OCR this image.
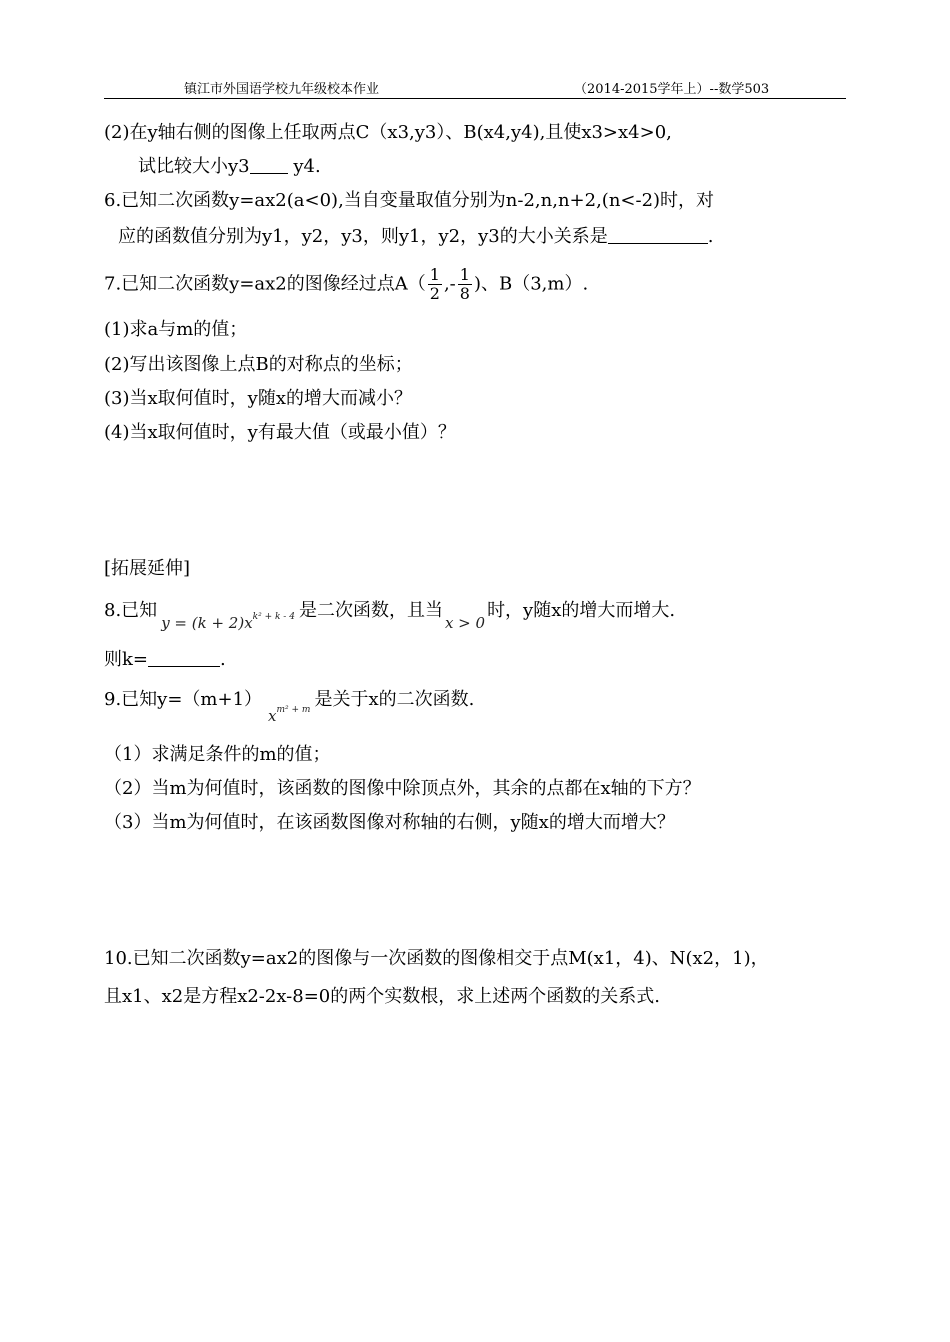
镇江市外国语学校九年级校本作业	（2014-2015学年上）--数学503
(2)在y轴右侧的图像上任取两点C（x3,y3）、B(x4,y4),且使x3>x4>0,
试比较大小y3 y4.
6.已知二次函数y=ax2(a<0),当自变量取值分别为n-2,n,n+2,(n<-2)时，对
应的函数值分别为y1，y2，y3，则y1，y2，y3的大小关系是	.
7.已知二次函数y=ax2的图像经过点$A( \frac{1}{2}$ ,- $\frac{1}{8}$ )、B（3,m）.
(1)求a与m的值；
(2)写出该图像上点B的对称点的坐标；
(3)当x取何值时，y随x的增大而减小？
(4)当x取何值时，y有最大值（或最小值）？
[拓展延伸]
8.已知$_{y = (k + 2)x^{k^2 + k - 4}}$ 是二次函数，且当$_{x > 0}$时，y随x的增大而增大.
则k=	.
9.已知$y=(m+1)_{x^{m^2 + m}}$ 是关于x的二次函数.
（1）求满足条件的m的值；
（2）当m为何值时，该函数的图像中除顶点外，其余的点都在x轴的下方？
（3）当m为何值时，在该函数图像对称轴的右侧，y随x的增大而增大？
10.已知二次函数y=ax2的图像与一次函数的图像相交于点M(x1，4)、N(x2，1)，
且x1、x2是方程x2-2x-8=0的两个实数根，求上述两个函数的关系式.
